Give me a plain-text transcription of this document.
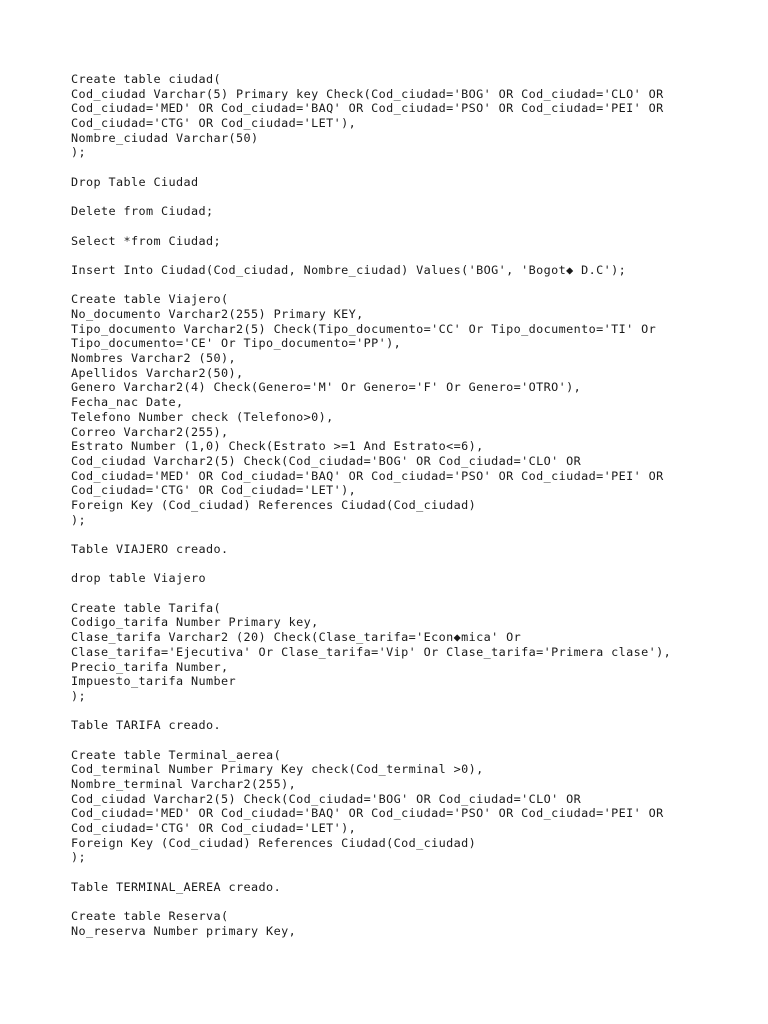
Create table ciudad(
Cod_ciudad Varchar(5) Primary key Check(Cod_ciudad='BOG' OR Cod_ciudad='CLO' OR
Cod_ciudad='MED' OR Cod_ciudad='BAQ' OR Cod_ciudad='PSO' OR Cod_ciudad='PEI' OR
Cod_ciudad='CTG' OR Cod_ciudad='LET'),
Nombre_ciudad Varchar(50)
);
Drop Table Ciudad
Delete from Ciudad;
Select *from Ciudad;
Insert Into Ciudad(Cod_ciudad, Nombre_ciudad) Values('BOG', 'Bogot◆ D.C');
Create table Viajero(
No_documento Varchar2(255) Primary KEY,
Tipo_documento Varchar2(5) Check(Tipo_documento='CC' Or Tipo_documento='TI' Or
Tipo_documento='CE' Or Tipo_documento='PP'),
Nombres Varchar2 (50),
Apellidos Varchar2(50),
Genero Varchar2(4) Check(Genero='M' Or Genero='F' Or Genero='OTRO'),
Fecha_nac Date,
Telefono Number check (Telefono>0),
Correo Varchar2(255),
Estrato Number (1,0) Check(Estrato >=1 And Estrato<=6),
Cod_ciudad Varchar2(5) Check(Cod_ciudad='BOG' OR Cod_ciudad='CLO' OR
Cod_ciudad='MED' OR Cod_ciudad='BAQ' OR Cod_ciudad='PSO' OR Cod_ciudad='PEI' OR
Cod_ciudad='CTG' OR Cod_ciudad='LET'),
Foreign Key (Cod_ciudad) References Ciudad(Cod_ciudad)
);
Table VIAJERO creado.
drop table Viajero
Create table Tarifa(
Codigo_tarifa Number Primary key,
Clase_tarifa Varchar2 (20) Check(Clase_tarifa='Econ◆mica' Or
Clase_tarifa='Ejecutiva' Or Clase_tarifa='Vip' Or Clase_tarifa='Primera clase'),
Precio_tarifa Number,
Impuesto_tarifa Number
);
Table TARIFA creado.
Create table Terminal_aerea(
Cod_terminal Number Primary Key check(Cod_terminal >0),
Nombre_terminal Varchar2(255),
Cod_ciudad Varchar2(5) Check(Cod_ciudad='BOG' OR Cod_ciudad='CLO' OR
Cod_ciudad='MED' OR Cod_ciudad='BAQ' OR Cod_ciudad='PSO' OR Cod_ciudad='PEI' OR
Cod_ciudad='CTG' OR Cod_ciudad='LET'),
Foreign Key (Cod_ciudad) References Ciudad(Cod_ciudad)
);
Table TERMINAL_AEREA creado.
Create table Reserva(
No_reserva Number primary Key,
